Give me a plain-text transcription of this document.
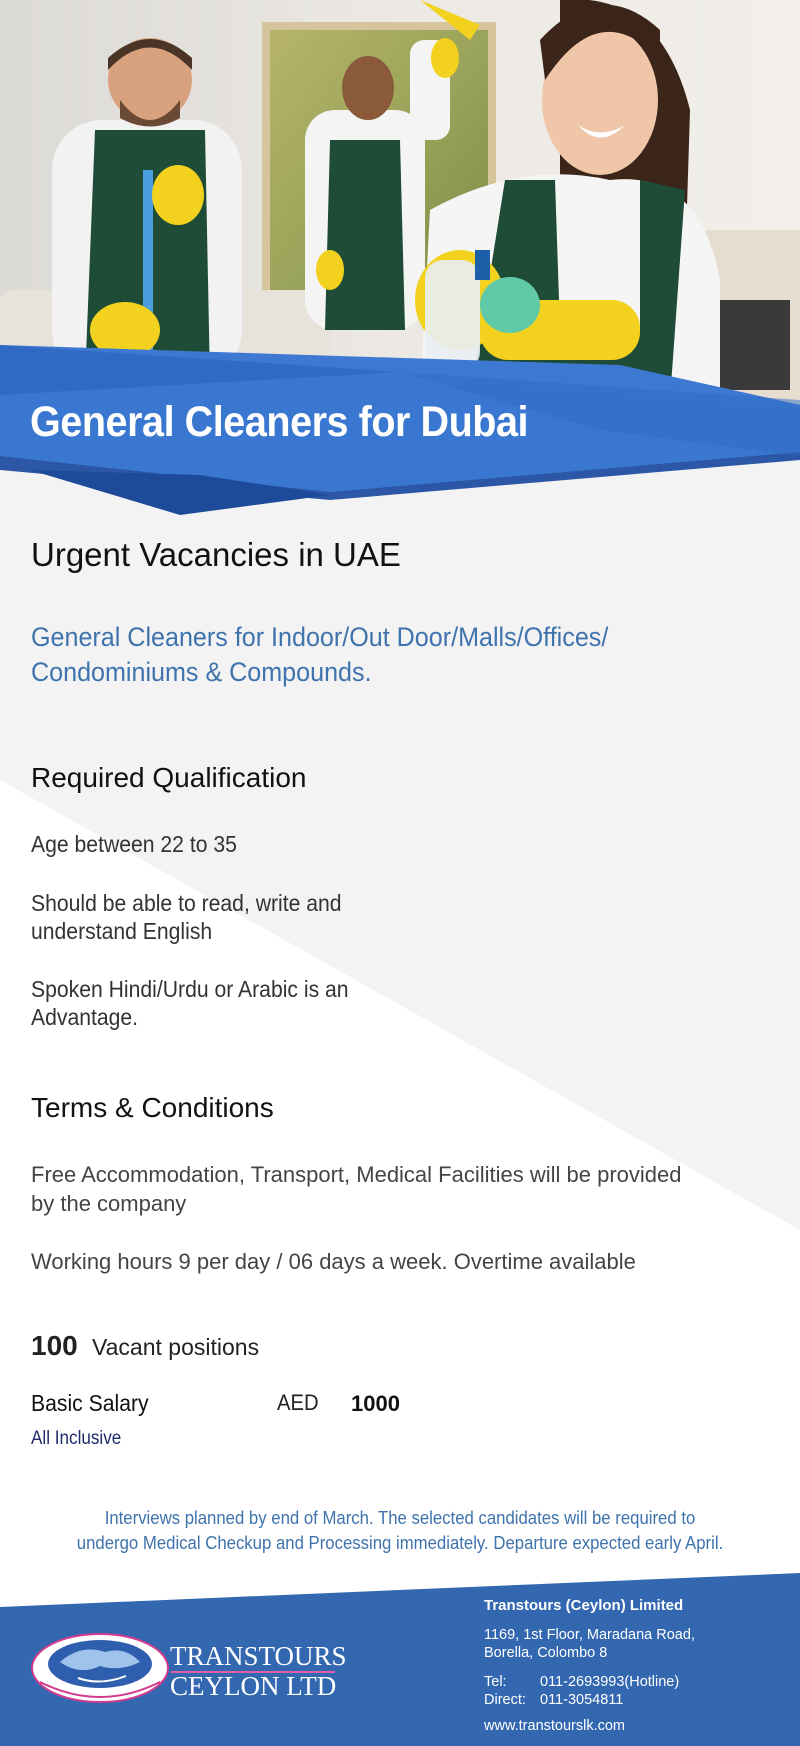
General Cleaners for Dubai
Urgent Vacancies in UAE
General Cleaners for Indoor/Out Door/Malls/Offices/
Condominiums & Compounds.
Required Qualification
Age between 22 to 35
Should be able to read, write and
understand English
Spoken Hindi/Urdu or Arabic is an
Advantage.
Terms & Conditions
Free Accommodation, Transport, Medical Facilities will be provided
by the company
Working hours 9 per day / 06 days a week. Overtime available
100 Vacant positions
Basic Salary	AED 1000
All Inclusive
Interviews planned by end of March. The selected candidates will be required to
undergo Medical Checkup and Processing immediately. Departure expected early April.
TRANSTOURS
CEYLON LTD
Transtours (Ceylon) Limited
1169, 1st Floor, Maradana Road,
Borella, Colombo 8
Tel:	011-2693993(Hotline)
Direct: 011-3054811
www.transtourslk.com
